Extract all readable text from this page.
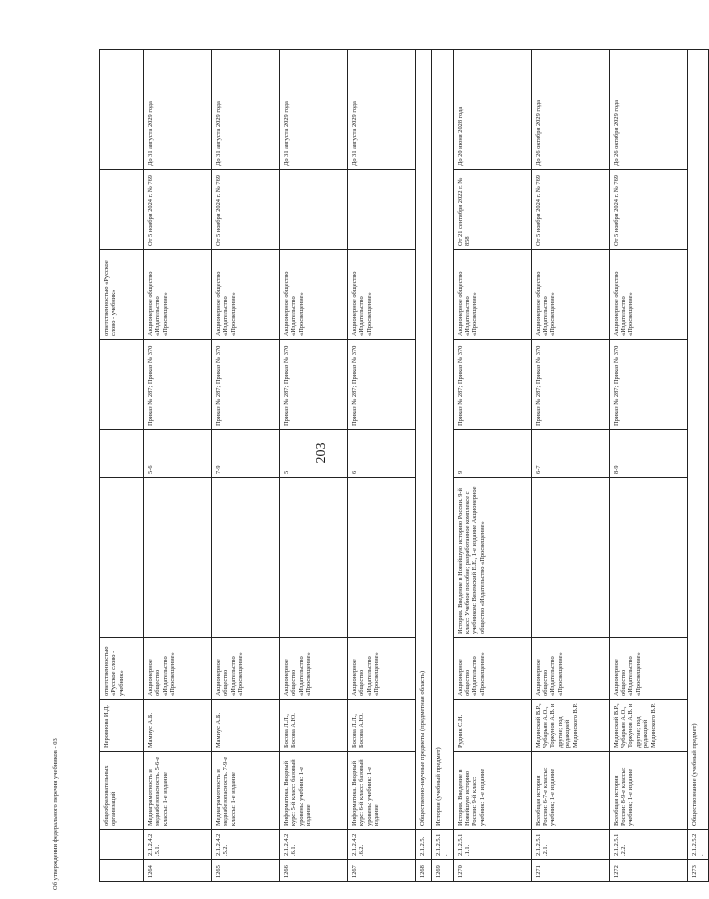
203
Об утверждении федерального перечня учебников - 03
			общеобразовательных организаций	Неровнова И.Д.	ответственностью «Русское слово - учебник»				ответственностью «Русское слово - учебник»		
1264	2.1.2.4.2.5.1.	Медиаграмотность и медиабезопасность. 5-6-е классы: 1-е издание	Мамиус А.Б.	Акционерное общество «Издательство «Просвещение»		5-6	Приказ № 287; Приказ № 370	Акционерное общество «Издательство «Просвещение»	От 5 ноября 2024 г. № 769	До 31 августа 2029 года
1265	2.1.2.4.2.5.2.	Медиаграмотность и медиабезопасность. 7-9-е классы: 1-е издание	Мамиус А.Б.	Акционерное общество «Издательство «Просвещение»		7-9	Приказ № 287; Приказ № 370	Акционерное общество «Издательство «Просвещение»	От 5 ноября 2024 г. № 769	До 31 августа 2029 года
1266	2.1.2.4.2.6.1.	Информатика. Вводный курс: 5-й класс: базовый уровень: учебник: 1-е издание	Босова Л.Л., Босова А.Ю.	Акционерное общество «Издательство «Просвещение»		5	Приказ № 287; Приказ № 370	Акционерное общество «Издательство «Просвещение»		До 31 августа 2029 года
1267	2.1.2.4.2.6.2.	Информатика. Вводный курс: 6-й класс: базовый уровень: учебник: 1-е издание	Босова Л.Л., Босова А.Ю.	Акционерное общество «Издательство «Просвещение»		6	Приказ № 287; Приказ № 370	Акционерное общество «Издательство «Просвещение»		До 31 августа 2029 года
1268	2.1.2.5.	Общественно-научные предметы (предметная область)								
1269	2.1.2.5.1.	История (учебный предмет)								
1270	2.1.2.5.1.1.1.	История. Введение в Новейшую историю России: 9-й класс: учебник: 1-е издание	Рудник С.Н.	Акционерное общество «Издательство «Просвещение»	История. Введение в Новейшую историю России. 9-й класс: Учебное пособие; разработанное комплексе с учебником: Вяземский Е.Е., 1-е издание Акционерное общество «Издательство «Просвещение»	9	Приказ № 287; Приказ № 370	Акционерное общество «Издательство «Просвещение»	От 21 сентября 2022 г. № 858	До 20 июня 2028 года
1271	2.1.2.5.1.2.1.	Всеобщая история России: 6-7-е классы: учебник; 1-е издание	Мединский В.Р., Чубарьян А.О., Торкунов А.В. и другие; под редакцией Мединского В.Р.	Акционерное общество «Издательство «Просвещение»		6-7	Приказ № 287; Приказ № 370	Акционерное общество «Издательство «Просвещение»	От 5 ноября 2024 г. № 769	До 26 октября 2029 года
1272	2.1.2.5.1.2.2.	Всеобщая история России: 8-9-е классы: учебник; 1-е издание	Мединский В.Р., Чубарьян А.О., Торкунов А.В. и другие; под редакцией Мединского В.Р.	Акционерное общество «Издательство «Просвещение»		8-9	Приказ № 287; Приказ № 370	Акционерное общество «Издательство «Просвещение»	От 5 ноября 2024 г. № 769	До 26 октября 2029 года
1273	2.1.2.5.2.	Обществознание (учебный предмет)								
